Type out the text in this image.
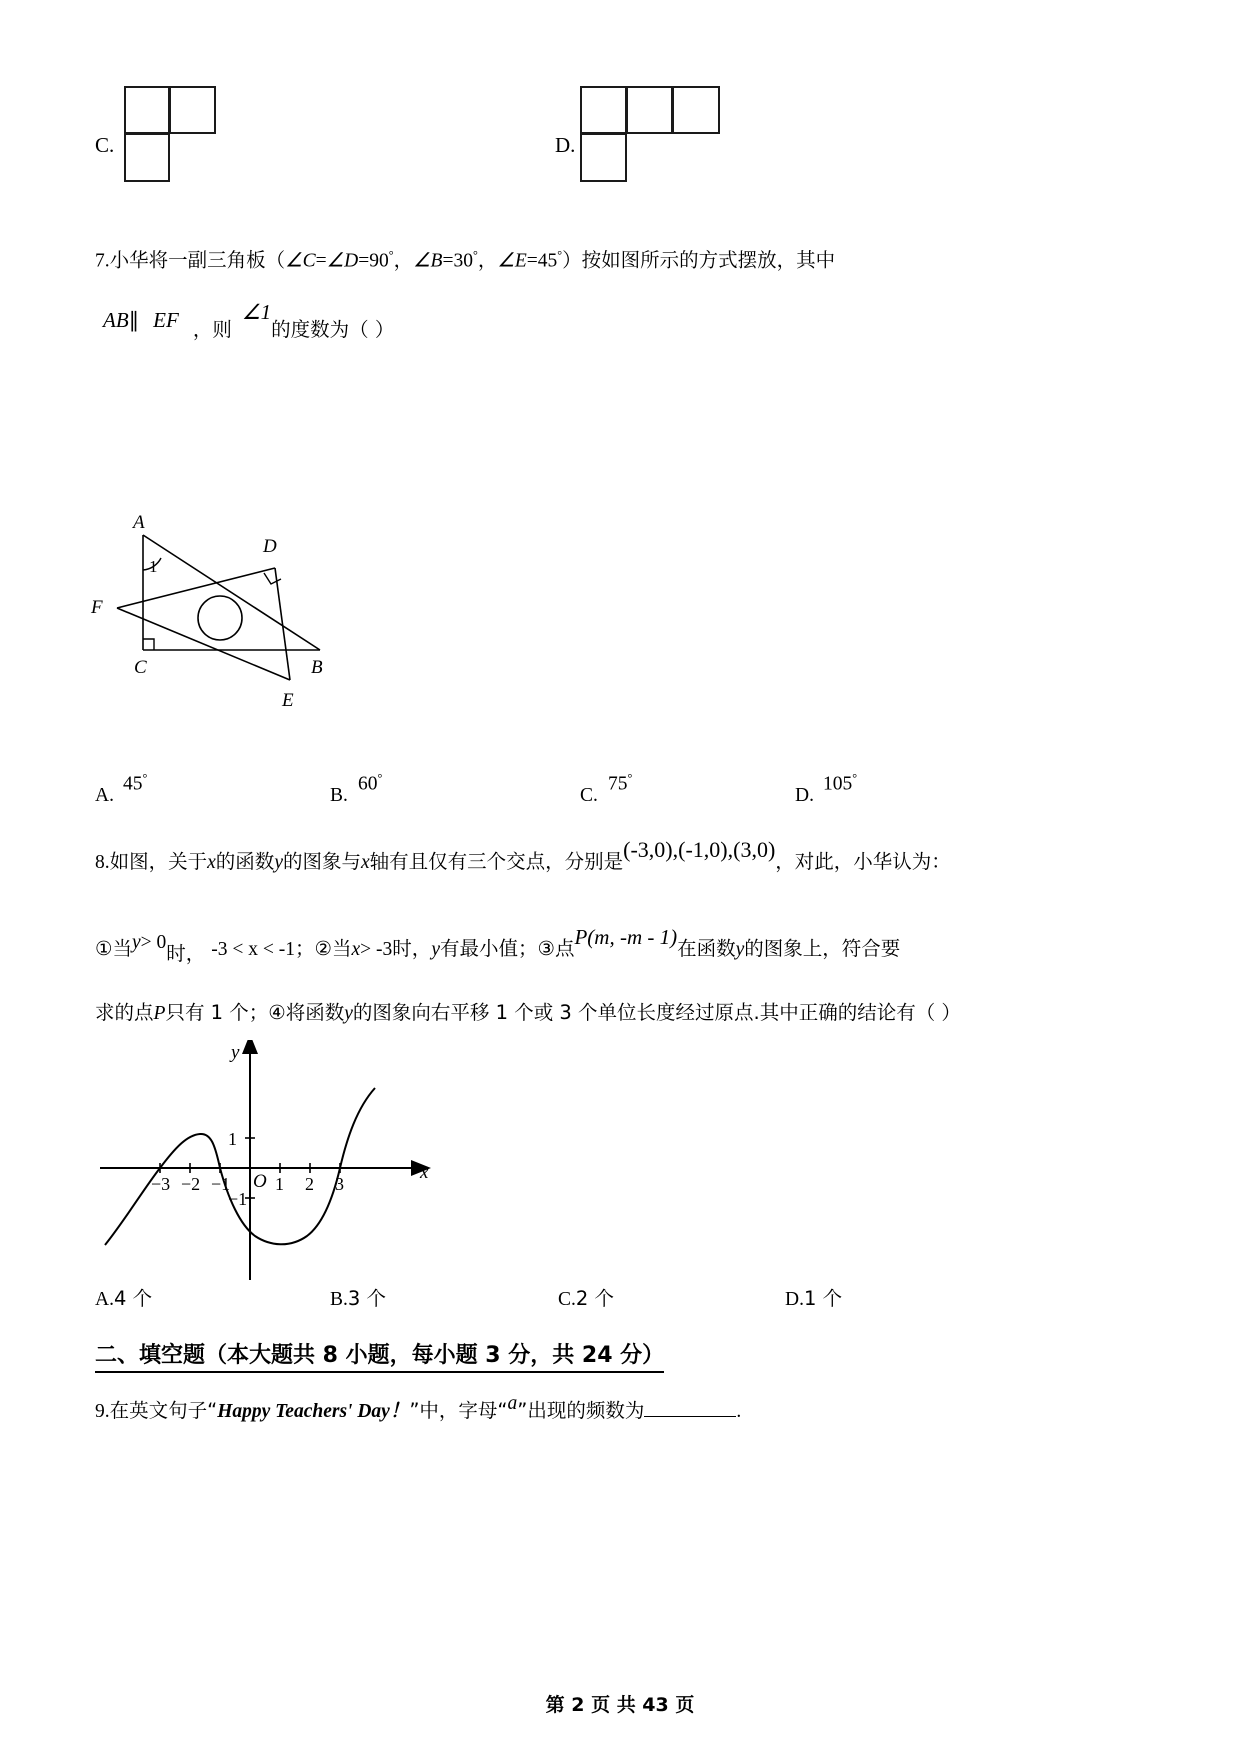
C.	D.
7.小华将一副三角板（∠C=∠D=90°，∠B=30°，∠E=45°）按如图所示的方式摆放，其中
AB∥ EF ，则∠1的度数为（ ）
A
D
F
C	B
E
1
A.
45°
B.
60°
C.
75°
D.
105°
8.如图，关于x的函数y的图象与x轴有且仅有三个交点，分别是(-3,0),(-1,0),(3,0)，对此，小华认为：
①当y> 0时， -3 < x < -1；②当x> -3时，y有最小值；③点P(m, -m - 1)在函数y的图象上，符合要
求的点P只有 1 个；④将函数y的图象向右平移 1 个或 3 个单位长度经过原点.其中正确的结论有（ ）
x
y
O
−3 −2 −1 1 2 3
1
−1
A.4 个	B.3 个	C.2 个	D.1 个
二、填空题（本大题共 8 小题，每小题 3 分，共 24 分）
9.在英文句子“Happy Teachers' Day！”中，字母“a”出现的频数为	.
第 2 页 共 43 页
